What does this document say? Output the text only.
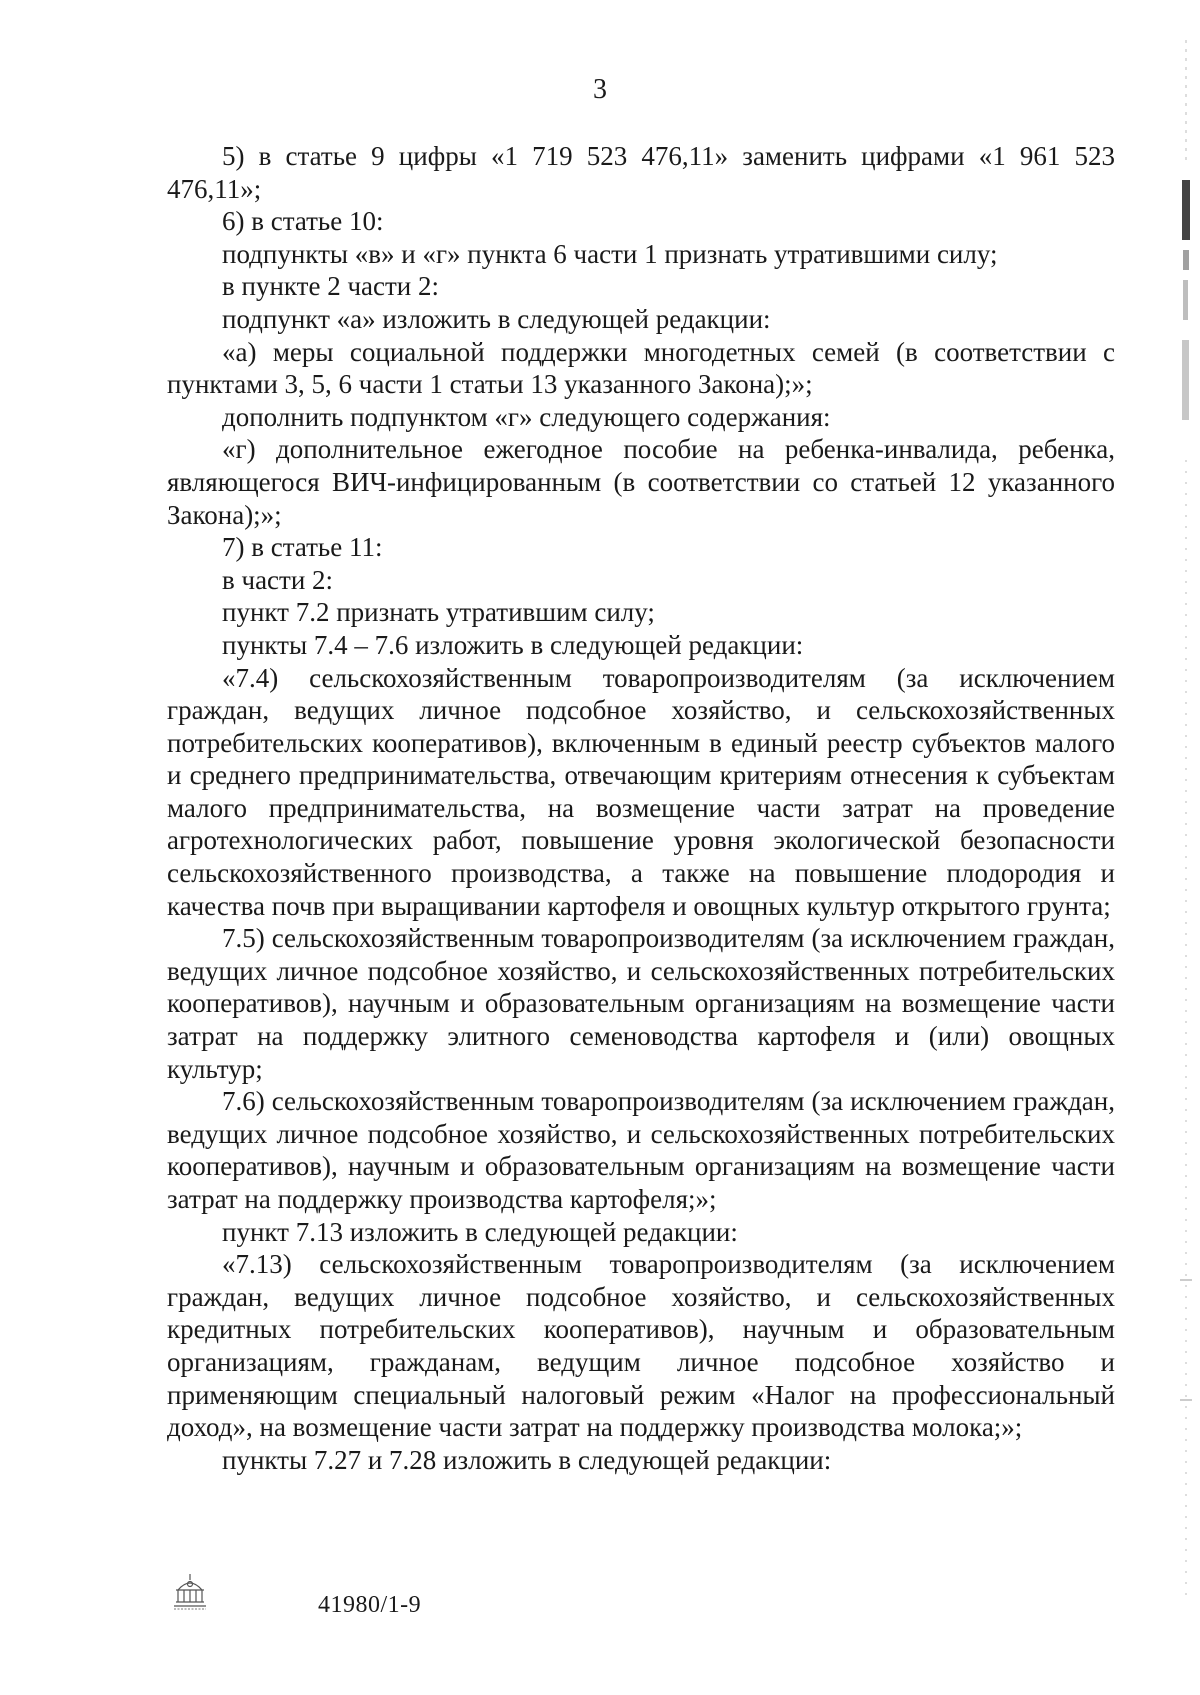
3

5) в статье 9 цифры «1 719 523 476,11» заменить цифрами «1 961 523 476,11»;

6) в статье 10:

подпункты «в» и «г» пункта 6 части 1 признать утратившими силу;

в пункте 2 части 2:

подпункт «а» изложить в следующей редакции:

«а) меры социальной поддержки многодетных семей (в соответствии с пунктами 3, 5, 6 части 1 статьи 13 указанного Закона);»;

дополнить подпунктом «г» следующего содержания:

«г) дополнительное ежегодное пособие на ребенка-инвалида, ребенка, являющегося ВИЧ-инфицированным (в соответствии со статьей 12 указанного Закона);»;

7) в статье 11:

в части 2:

пункт 7.2 признать утратившим силу;

пункты 7.4 – 7.6 изложить в следующей редакции:

«7.4) сельскохозяйственным товаропроизводителям (за исключением граждан, ведущих личное подсобное хозяйство, и сельскохозяйственных потребительских кооперативов), включенным в единый реестр субъектов малого и среднего предпринимательства, отвечающим критериям отнесения к субъектам малого предпринимательства, на возмещение части затрат на проведение агротехнологических работ, повышение уровня экологической безопасности сельскохозяйственного производства, а также на повышение плодородия и качества почв при выращивании картофеля и овощных культур открытого грунта;

7.5) сельскохозяйственным товаропроизводителям (за исключением граждан, ведущих личное подсобное хозяйство, и сельскохозяйственных потребительских кооперативов), научным и образовательным организациям на возмещение части затрат на поддержку элитного семеноводства картофеля и (или) овощных культур;

7.6) сельскохозяйственным товаропроизводителям (за исключением граждан, ведущих личное подсобное хозяйство, и сельскохозяйственных потребительских кооперативов), научным и образовательным организациям на возмещение части затрат на поддержку производства картофеля;»;

пункт 7.13 изложить в следующей редакции:

«7.13) сельскохозяйственным товаропроизводителям (за исключением граждан, ведущих личное подсобное хозяйство, и сельскохозяйственных кредитных потребительских кооперативов), научным и образовательным организациям, гражданам, ведущим личное подсобное хозяйство и применяющим специальный налоговый режим «Налог на профессиональный доход», на возмещение части затрат на поддержку производства молока;»;

пункты 7.27 и 7.28 изложить в следующей редакции:

41980/1-9
